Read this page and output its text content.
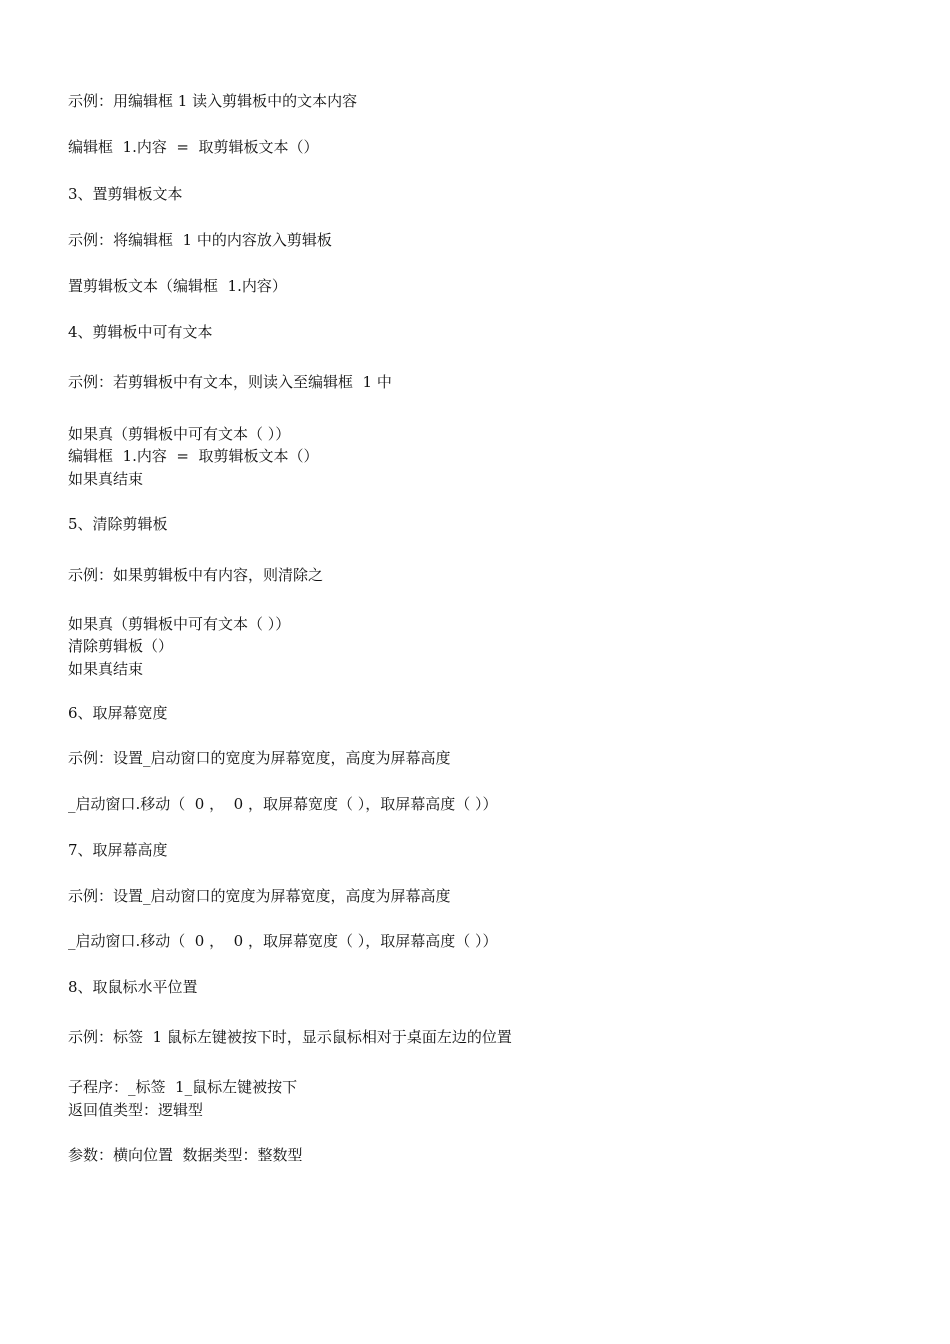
示例：用编辑框 1 读入剪辑板中的文本内容
编辑框  1.内容  =  取剪辑板文本（）
3、置剪辑板文本
示例：将编辑框  1 中的内容放入剪辑板
置剪辑板文本（编辑框  1.内容）
4、剪辑板中可有文本
示例：若剪辑板中有文本，则读入至编辑框  1 中
如果真（剪辑板中可有文本（ ））
编辑框  1.内容  =  取剪辑板文本（）
如果真结束
5、清除剪辑板
示例：如果剪辑板中有内容，则清除之
如果真（剪辑板中可有文本（ ））
清除剪辑板（）
如果真结束
6、取屏幕宽度
示例：设置_启动窗口的宽度为屏幕宽度，高度为屏幕高度
_启动窗口.移动（  0 ，  0 ，取屏幕宽度（ ），取屏幕高度（ ））
7、取屏幕高度
示例：设置_启动窗口的宽度为屏幕宽度，高度为屏幕高度
_启动窗口.移动（  0 ，  0 ，取屏幕宽度（ ），取屏幕高度（ ））
8、取鼠标水平位置
示例：标签  1 鼠标左键被按下时，显示鼠标相对于桌面左边的位置
子程序：_标签  1_鼠标左键被按下
返回值类型：逻辑型
参数：横向位置  数据类型：整数型
